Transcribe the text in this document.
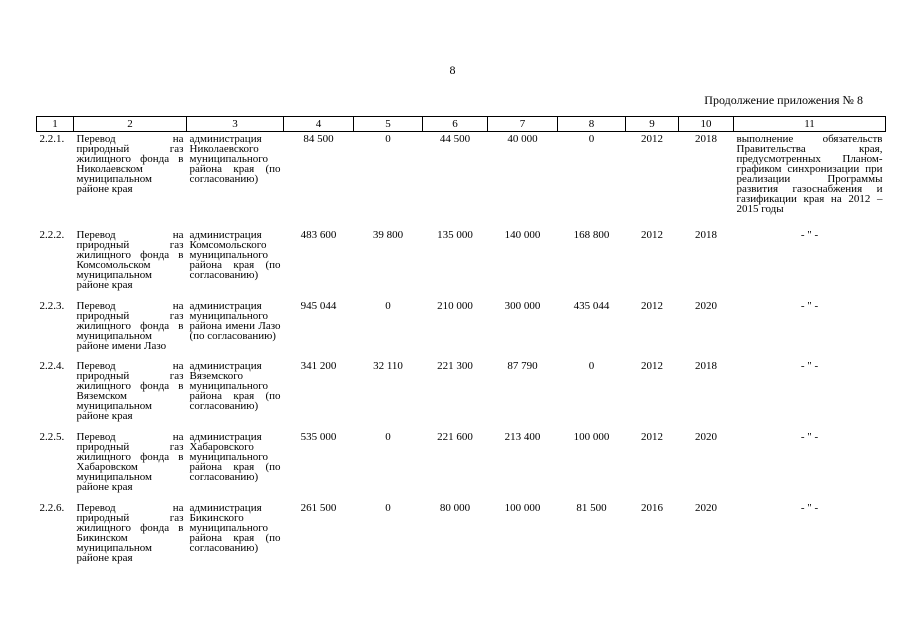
8
Продолжение приложения № 8
1	2	3	4	5	6	7	8	9	10	11
2.2.1.	Перевод на природный газ жилищного фонда в Николаевском муниципальном районе края	администрация Николаевского муниципального района края (по согласованию)	84 500	0	44 500	40 000	0	2012	2018	выполнение обязательств Правительства края, предусмотренных Планом-графиком синхронизации при реализации Программы развития газоснабжения и газификации края на 2012 – 2015 годы
2.2.2.	Перевод на природный газ жилищного фонда в Комсомольском муниципальном районе края	администрация Комсомольского муниципального района края (по согласованию)	483 600	39 800	135 000	140 000	168 800	2012	2018	- " -
2.2.3.	Перевод на природный газ жилищного фонда в муниципальном районе имени Лазо	администрация муниципального района имени Лазо (по согласованию)	945 044	0	210 000	300 000	435 044	2012	2020	- " -
2.2.4.	Перевод на природный газ жилищного фонда в Вяземском муниципальном районе края	администрация Вяземского муниципального района края (по согласованию)	341 200	32 110	221 300	87 790	0	2012	2018	- " -
2.2.5.	Перевод на природный газ жилищного фонда в Хабаровском муниципальном районе края	администрация Хабаровского муниципального района края (по согласованию)	535 000	0	221 600	213 400	100 000	2012	2020	- " -
2.2.6.	Перевод на природный газ жилищного фонда в Бикинском муниципальном районе края	администрация Бикинского муниципального района края (по согласованию)	261 500	0	80 000	100 000	81 500	2016	2020	- " -
